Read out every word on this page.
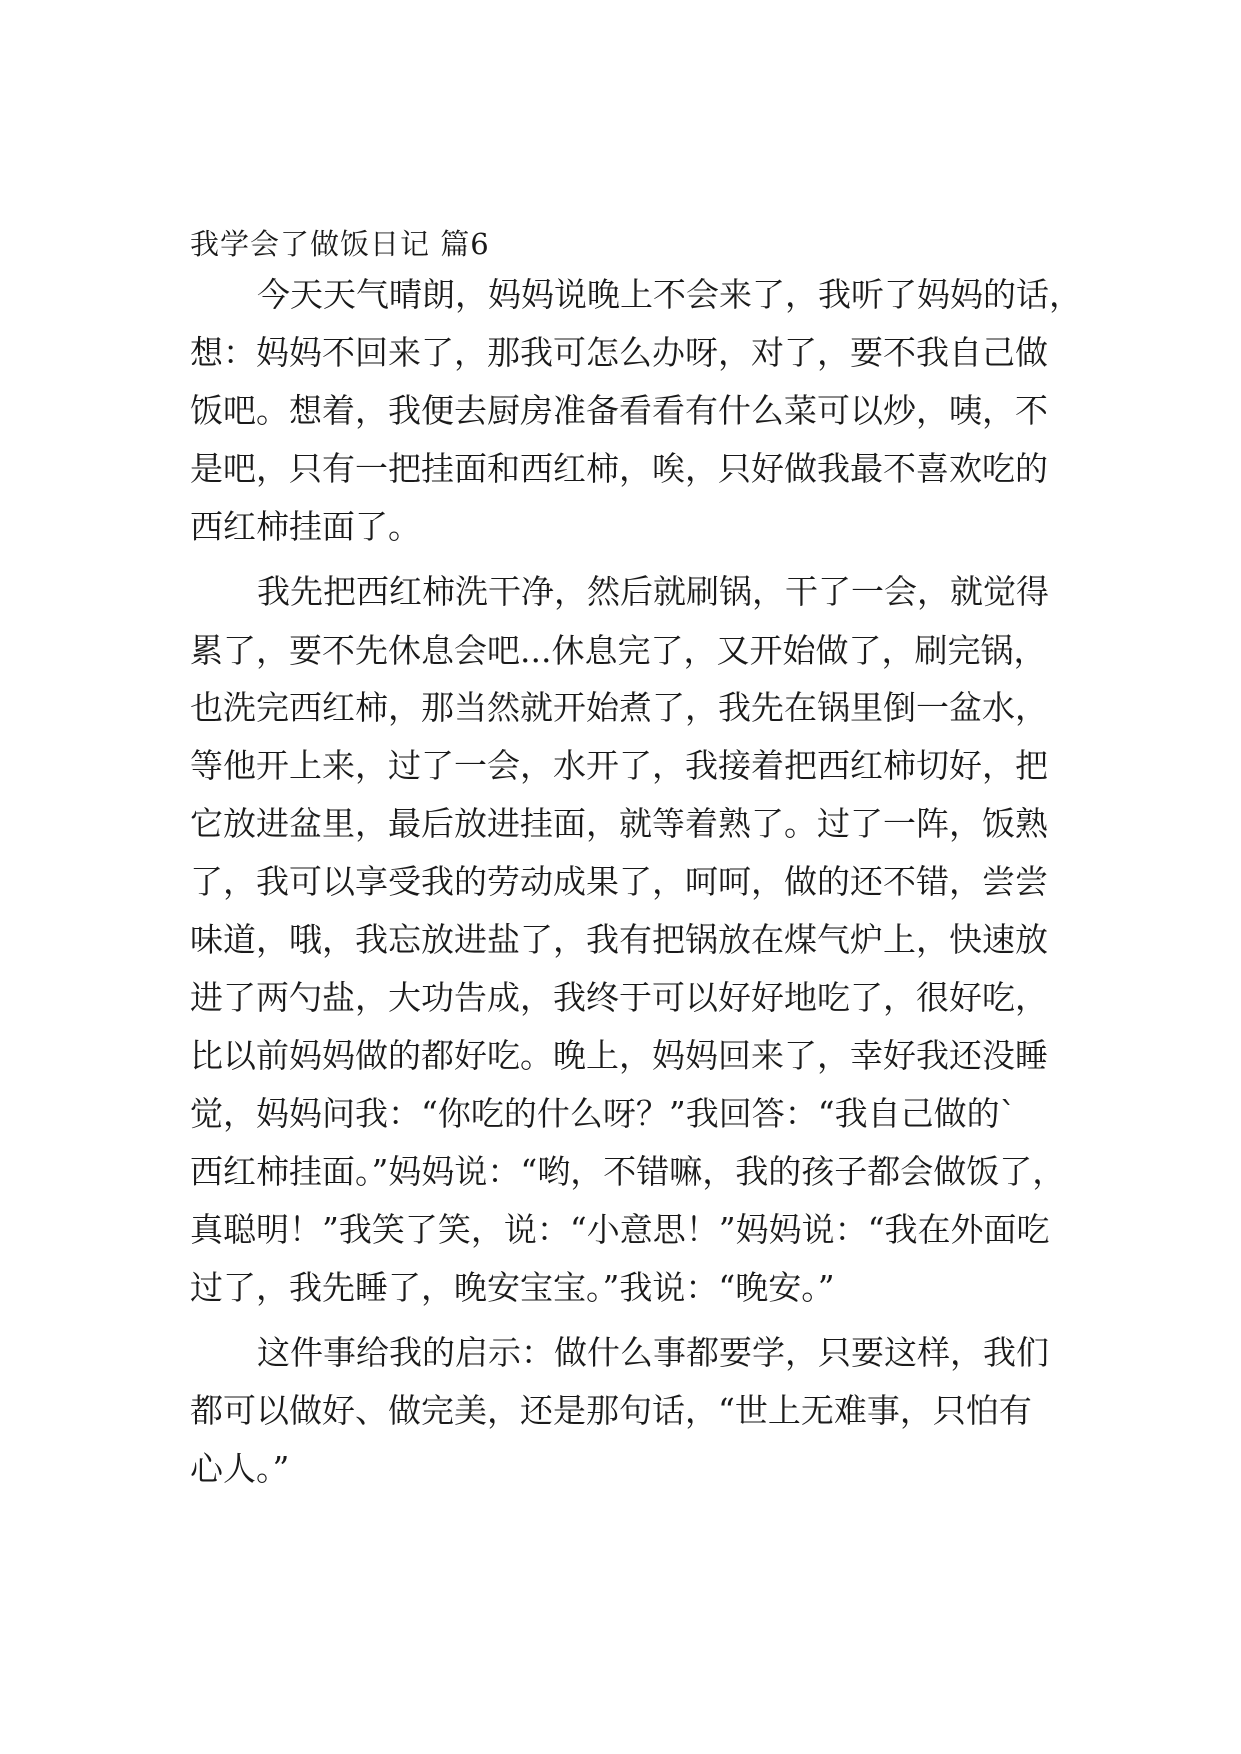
我学会了做饭日记 篇6
今天天气晴朗，妈妈说晚上不会来了，我听了妈妈的话，
想：妈妈不回来了，那我可怎么办呀，对了，要不我自己做
饭吧。想着，我便去厨房准备看看有什么菜可以炒，咦，不
是吧，只有一把挂面和西红柿，唉，只好做我最不喜欢吃的
西红柿挂面了。
我先把西红柿洗干净，然后就刷锅，干了一会，就觉得
累了，要不先休息会吧...休息完了，又开始做了，刷完锅，
也洗完西红柿，那当然就开始煮了，我先在锅里倒一盆水，
等他开上来，过了一会，水开了，我接着把西红柿切好，把
它放进盆里，最后放进挂面，就等着熟了。过了一阵，饭熟
了，我可以享受我的劳动成果了，呵呵，做的还不错，尝尝
味道，哦，我忘放进盐了，我有把锅放在煤气炉上，快速放
进了两勺盐，大功告成，我终于可以好好地吃了，很好吃，
比以前妈妈做的都好吃。晚上，妈妈回来了，幸好我还没睡
觉，妈妈问我：“你吃的什么呀？”我回答：“我自己做的`
西红柿挂面。”妈妈说：“哟，不错嘛，我的孩子都会做饭了，
真聪明！”我笑了笑，说：“小意思！”妈妈说：“我在外面吃
过了，我先睡了，晚安宝宝。”我说：“晚安。”
这件事给我的启示：做什么事都要学，只要这样，我们
都可以做好、做完美，还是那句话，“世上无难事，只怕有
心人。”
